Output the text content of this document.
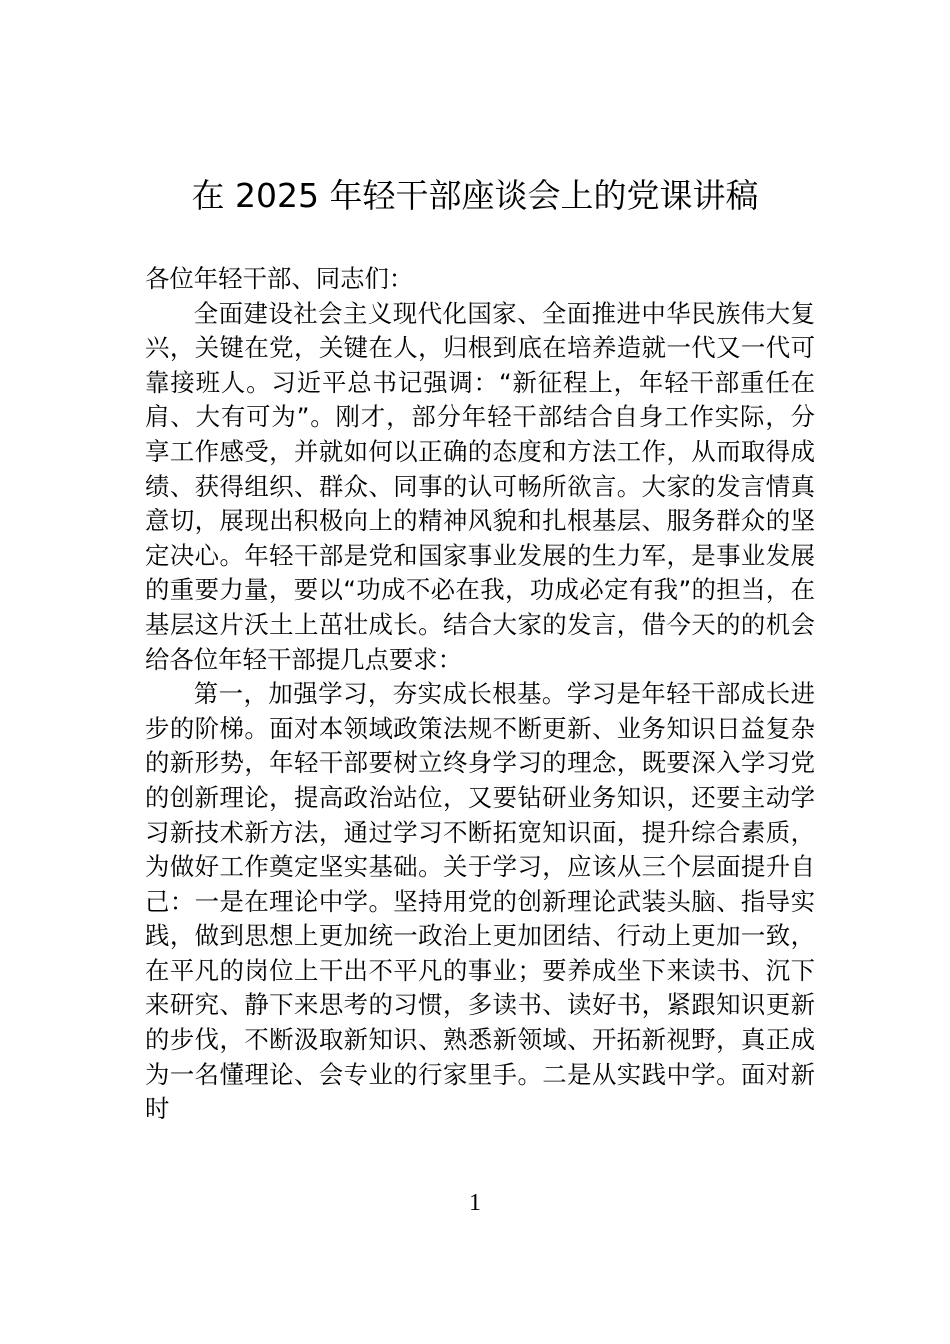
在 2025 年轻干部座谈会上的党课讲稿

各位年轻干部、同志们：

全面建设社会主义现代化国家、全面推进中华民族伟大复兴，关键在党，关键在人，归根到底在培养造就一代又一代可靠接班人。习近平总书记强调：“新征程上，年轻干部重任在肩、大有可为”。刚才，部分年轻干部结合自身工作实际，分享工作感受，并就如何以正确的态度和方法工作，从而取得成绩、获得组织、群众、同事的认可畅所欲言。大家的发言情真意切，展现出积极向上的精神风貌和扎根基层、服务群众的坚定决心。年轻干部是党和国家事业发展的生力军，是事业发展的重要力量，要以“功成不必在我，功成必定有我”的担当，在基层这片沃土上茁壮成长。结合大家的发言，借今天的的机会给各位年轻干部提几点要求：

第一，加强学习，夯实成长根基。学习是年轻干部成长进步的阶梯。面对本领域政策法规不断更新、业务知识日益复杂的新形势，年轻干部要树立终身学习的理念，既要深入学习党的创新理论，提高政治站位，又要钻研业务知识，还要主动学习新技术新方法，通过学习不断拓宽知识面，提升综合素质，为做好工作奠定坚实基础。关于学习，应该从三个层面提升自己：一是在理论中学。坚持用党的创新理论武装头脑、指导实践，做到思想上更加统一政治上更加团结、行动上更加一致，在平凡的岗位上干出不平凡的事业；要养成坐下来读书、沉下来研究、静下来思考的习惯，多读书、读好书，紧跟知识更新的步伐，不断汲取新知识、熟悉新领域、开拓新视野，真正成为一名懂理论、会专业的行家里手。二是从实践中学。面对新时

1
